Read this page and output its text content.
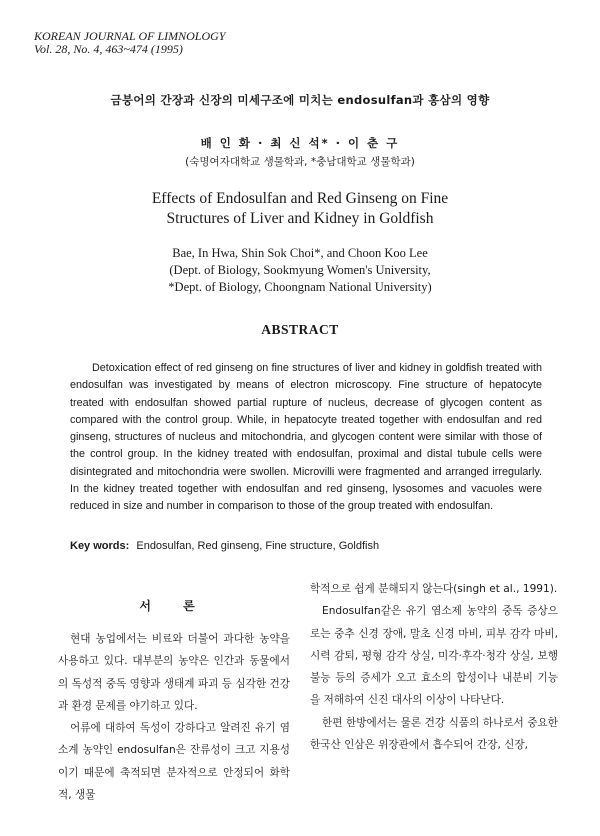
KOREAN JOURNAL OF LIMNOLOGY
Vol. 28, No. 4, 463~474 (1995)
금붕어의 간장과 신장의 미세구조에 미치는 endosulfan과 홍삼의 영향
배 인 화 · 최 신 석* · 이 춘 구
(숙명여자대학교 생물학과, *충남대학교 생물학과)
Effects of Endosulfan and Red Ginseng on Fine
Structures of Liver and Kidney in Goldfish
Bae, In Hwa, Shin Sok Choi*, and Choon Koo Lee
(Dept. of Biology, Sookmyung Women's University,
*Dept. of Biology, Choongnam National University)
ABSTRACT

Detoxication effect of red ginseng on fine structures of liver and kidney in goldfish treated with endosulfan was investigated by means of electron microscopy. Fine structure of hepatocyte treated with endosulfan showed partial rupture of nucleus, decrease of glycogen content as compared with the control group. While, in hepatocyte treated together with endosulfan and red ginseng, structures of nucleus and mitochondria, and glycogen content were similar with those of the control group. In the kidney treated with endosulfan, proximal and distal tubule cells were disintegrated and mitochondria were swollen. Microvilli were fragmented and arranged irregularly. In the kidney treated together with endosulfan and red ginseng, lysosomes and vacuoles were reduced in size and number in comparison to those of the group treated with endosulfan.

Key words: Endosulfan, Red ginseng, Fine structure, Goldfish
서 론

현대 농업에서는 비료와 더불어 과다한 농약을 사용하고 있다. 대부분의 농약은 인간과 동물에서의 독성적 중독 영향과 생태계 파괴 등 심각한 건강과 환경 문제를 야기하고 있다.

어류에 대하여 독성이 강하다고 알려진 유기 염소계 농약인 endosulfan은 잔류성이 크고 지용성이기 때문에 축적되면 분자적으로 안정되어 화학적, 생물

학적으로 쉽게 분해되지 않는다(singh et al., 1991).

Endosulfan같은 유기 염소제 농약의 중독 증상으로는 중추 신경 장애, 말초 신경 마비, 피부 감각 마비, 시력 감퇴, 평형 감각 상실, 미각·후각·청각 상실, 보행 불능 등의 증세가 오고 효소의 합성이나 내분비 기능을 저해하여 신진 대사의 이상이 나타난다.

한편 한방에서는 물론 건강 식품의 하나로서 중요한 한국산 인삼은 위장관에서 흡수되어 간장, 신장,
